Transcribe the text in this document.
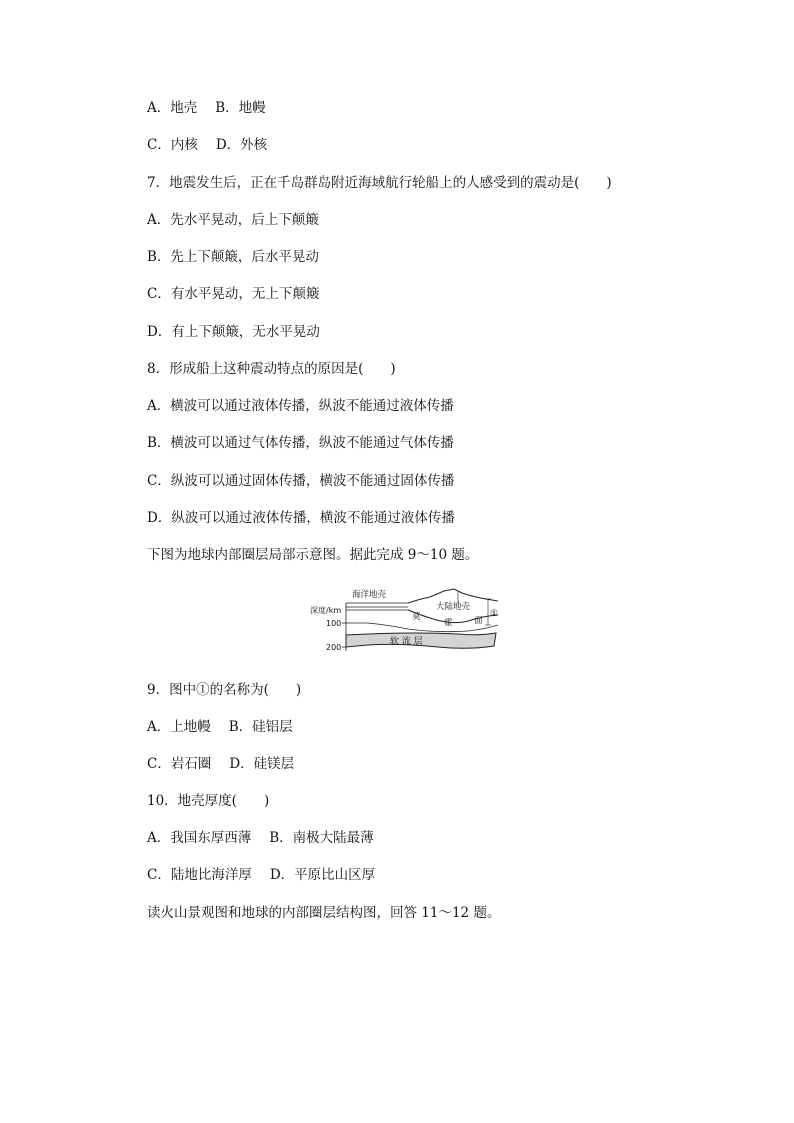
A．地壳 B．地幔
C．内核 D．外核
7．地震发生后，正在千岛群岛附近海域航行轮船上的人感受到的震动是(　　)
A．先水平晃动，后上下颠簸
B．先上下颠簸，后水平晃动
C．有水平晃动，无上下颠簸
D．有上下颠簸，无水平晃动
8．形成船上这种震动特点的原因是(　　)
A．横波可以通过液体传播，纵波不能通过液体传播
B．横波可以通过气体传播，纵波不能通过气体传播
C．纵波可以通过固体传播，横波不能通过固体传播
D．纵波可以通过液体传播，横波不能通过液体传播
下图为地球内部圈层局部示意图。据此完成 9～10 题。
海洋地壳
大陆地壳
深度/km
100
200
莫
霍	面
软 流 层
①
9．图中①的名称为(　　)
A．上地幔 B．硅铝层
C．岩石圈 D．硅镁层
10．地壳厚度(　　)
A．我国东厚西薄 B．南极大陆最薄
C．陆地比海洋厚 D．平原比山区厚
读火山景观图和地球的内部圈层结构图，回答 11～12 题。
